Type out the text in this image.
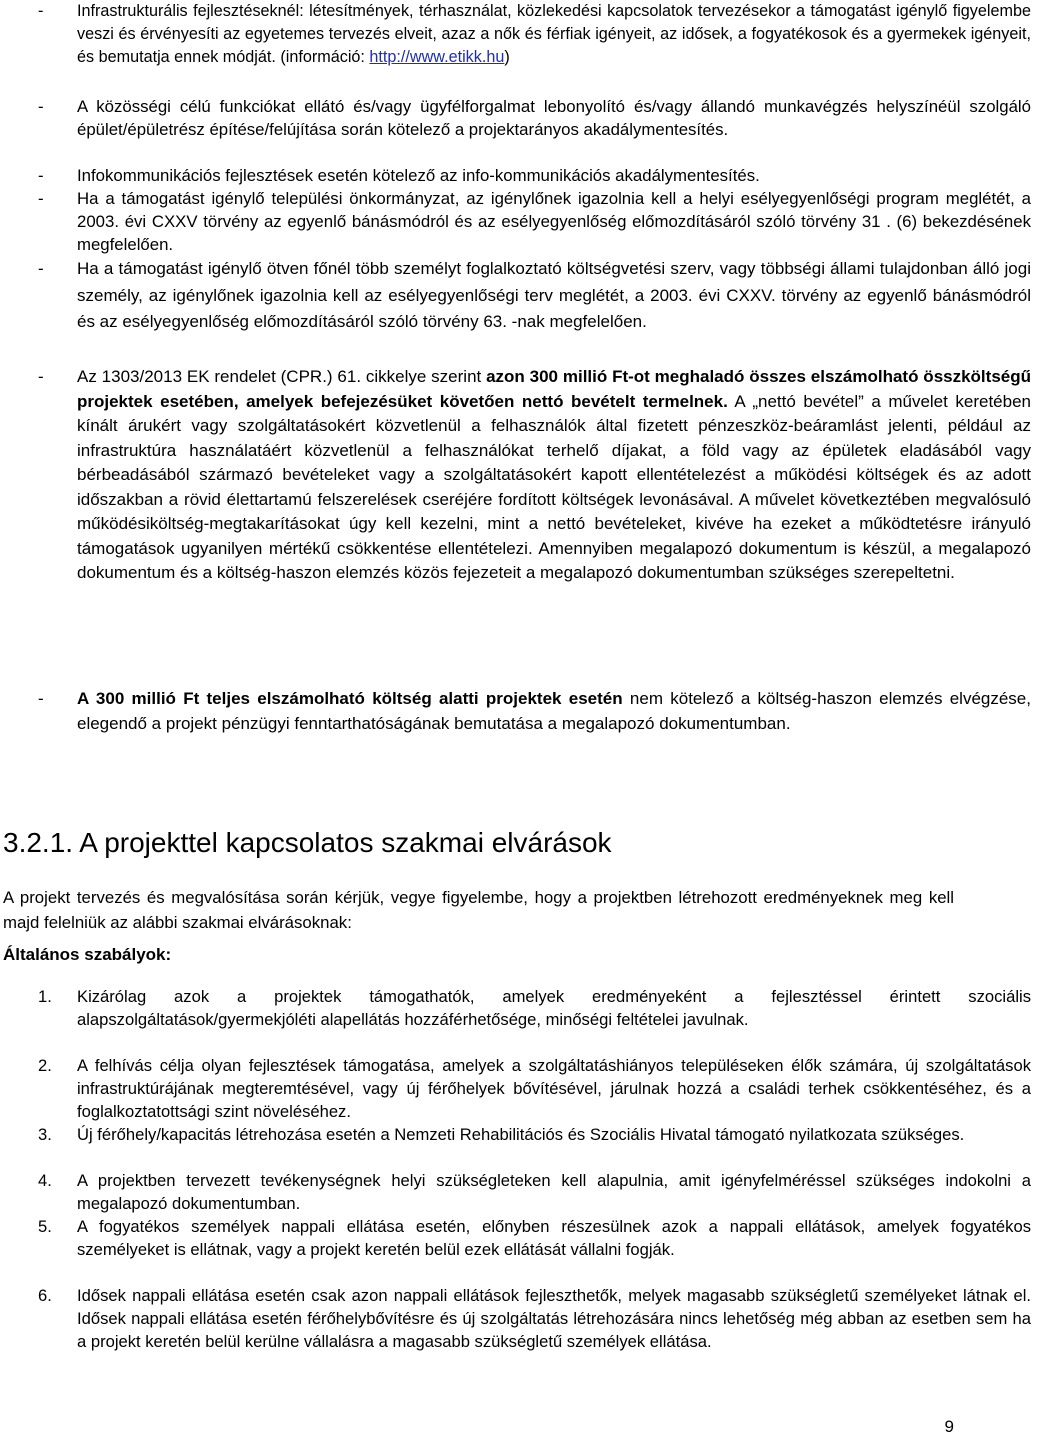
- Infrastrukturális fejlesztéseknél: létesítmények, térhasználat, közlekedési kapcsolatok tervezésekor a támogatást igénylő figyelembe veszi és érvényesíti az egyetemes tervezés elveit, azaz a nők és férfiak igényeit, az idősek, a fogyatékosok és a gyermekek igényeit, és bemutatja ennek módját. (információ: http://www.etikk.hu)
- A közösségi célú funkciókat ellátó és/vagy ügyfélforgalmat lebonyolító és/vagy állandó munkavégzés helyszínéül szolgáló épület/épületrész építése/felújítása során kötelező a projektarányos akadálymentesítés.
- Infokommunikációs fejlesztések esetén kötelező az info-kommunikációs akadálymentesítés.
- Ha a támogatást igénylő települési önkormányzat, az igénylőnek igazolnia kell a helyi esélyegyenlőségi program meglétét, a 2003. évi CXXV törvény az egyenlő bánásmódról és az esélyegyenlőség előmozdításáról szóló törvény 31 . (6) bekezdésének megfelelően.
- Ha a támogatást igénylő ötven főnél több személyt foglalkoztató költségvetési szerv, vagy többségi állami tulajdonban álló jogi személy, az igénylőnek igazolnia kell az esélyegyenlőségi terv meglétét, a 2003. évi CXXV. törvény az egyenlő bánásmódról és az esélyegyenlőség előmozdításáról szóló törvény 63. -nak megfelelően.
- Az 1303/2013 EK rendelet (CPR.) 61. cikkelye szerint azon 300 millió Ft-ot meghaladó összes elszámolható összköltségű projektek esetében, amelyek befejezésüket követően nettó bevételt termelnek. A „nettó bevétel” a művelet keretében kínált árukért vagy szolgáltatásokért közvetlenül a felhasználók által fizetett pénzeszköz-beáramlást jelenti, például az infrastruktúra használatáért közvetlenül a felhasználókat terhelő díjakat, a föld vagy az épületek eladásából vagy bérbeadásából származó bevételeket vagy a szolgáltatásokért kapott ellentételezést a működési költségek és az adott időszakban a rövid élettartamú felszerelések cseréjére fordított költségek levonásával. A művelet következtében megvalósuló működésiköltség-megtakarításokat úgy kell kezelni, mint a nettó bevételeket, kivéve ha ezeket a működtetésre irányuló támogatások ugyanilyen mértékű csökkentése ellentételezi. Amennyiben megalapozó dokumentum is készül, a megalapozó dokumentum és a költség-haszon elemzés közös fejezeteit a megalapozó dokumentumban szükséges szerepeltetni.
- A 300 millió Ft teljes elszámolható költség alatti projektek esetén nem kötelező a költség-haszon elemzés elvégzése, elegendő a projekt pénzügyi fenntarthatóságának bemutatása a megalapozó dokumentumban.
3.2.1. A projekttel kapcsolatos szakmai elvárások

A projekt tervezés és megvalósítása során kérjük, vegye figyelembe, hogy a projektben létrehozott eredményeknek meg kell majd felelniük az alábbi szakmai elvárásoknak:

Általános szabályok:

1. Kizárólag azok a projektek támogathatók, amelyek eredményeként a fejlesztéssel érintett szociális alapszolgáltatások/gyermekjóléti alapellátás hozzáférhetősége, minőségi feltételei javulnak.
2. A felhívás célja olyan fejlesztések támogatása, amelyek a szolgáltatáshiányos településeken élők számára, új szolgáltatások infrastruktúrájának megteremtésével, vagy új férőhelyek bővítésével, járulnak hozzá a családi terhek csökkentéséhez, és a foglalkoztatottsági szint növeléséhez.
3. Új férőhely/kapacitás létrehozása esetén a Nemzeti Rehabilitációs és Szociális Hivatal támogató nyilatkozata szükséges.
4. A projektben tervezett tevékenységnek helyi szükségleteken kell alapulnia, amit igényfelméréssel szükséges indokolni a megalapozó dokumentumban.
5. A fogyatékos személyek nappali ellátása esetén, előnyben részesülnek azok a nappali ellátások, amelyek fogyatékos személyeket is ellátnak, vagy a projekt keretén belül ezek ellátását vállalni fogják.
6. Idősek nappali ellátása esetén csak azon nappali ellátások fejleszthetők, melyek magasabb szükségletű személyeket látnak el. Idősek nappali ellátása esetén férőhelybővítésre és új szolgáltatás létrehozására nincs lehetőség még abban az esetben sem ha a projekt keretén belül kerülne vállalásra a magasabb szükségletű személyek ellátása.
9
